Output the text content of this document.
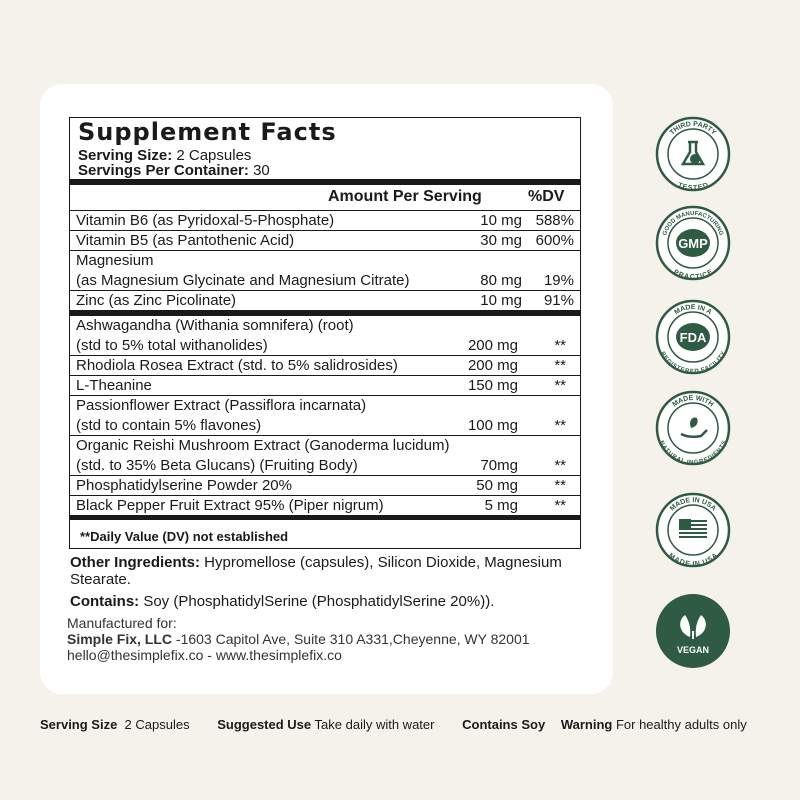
Supplement Facts
Serving Size: 2 Capsules
Servings Per Container: 30
Amount Per Serving	%DV
Vitamin B6 (as Pyridoxal-5-Phosphate)	10 mg 588%
Vitamin B5 (as Pantothenic Acid)	30 mg 600%
Magnesium
(as Magnesium Glycinate and Magnesium Citrate)	80 mg 19%
Zinc (as Zinc Picolinate)	10 mg 91%
Ashwagandha (Withania somnifera) (root)
(std to 5% total withanolides)	200 mg **
Rhodiola Rosea Extract (std. to 5% salidrosides)	200 mg **
L-Theanine	150 mg **
Passionflower Extract (Passiflora incarnata)
(std to contain 5% flavones)	100 mg **
Organic Reishi Mushroom Extract (Ganoderma lucidum)
(std. to 35% Beta Glucans) (Fruiting Body)	70mg **
Phosphatidylserine Powder 20%	50 mg **
Black Pepper Fruit Extract 95% (Piper nigrum)	5 mg **
**Daily Value (DV) not established
Other Ingredients: Hypromellose (capsules), Silicon Dioxide, Magnesium Stearate.
Contains: Soy (PhosphatidylSerine (PhosphatidylSerine 20%)).
Manufactured for:
Simple Fix, LLC -1603 Capitol Ave, Suite 310 A331,Cheyenne, WY 82001
hello@thesimplefix.co - www.thesimplefix.co
THIRD PARTY
TESTED
GOOD MANUFACTURING
PRACTICE
GMP
MADE IN A
REGISTERED FACILITY
FDA
MADE WITH
NATURAL INGREDIENTS
MADE IN USA
MADE IN USA
VEGAN
Serving Size 2 Capsules Suggested Use Take daily with water Contains Soy Warning For healthy adults only
